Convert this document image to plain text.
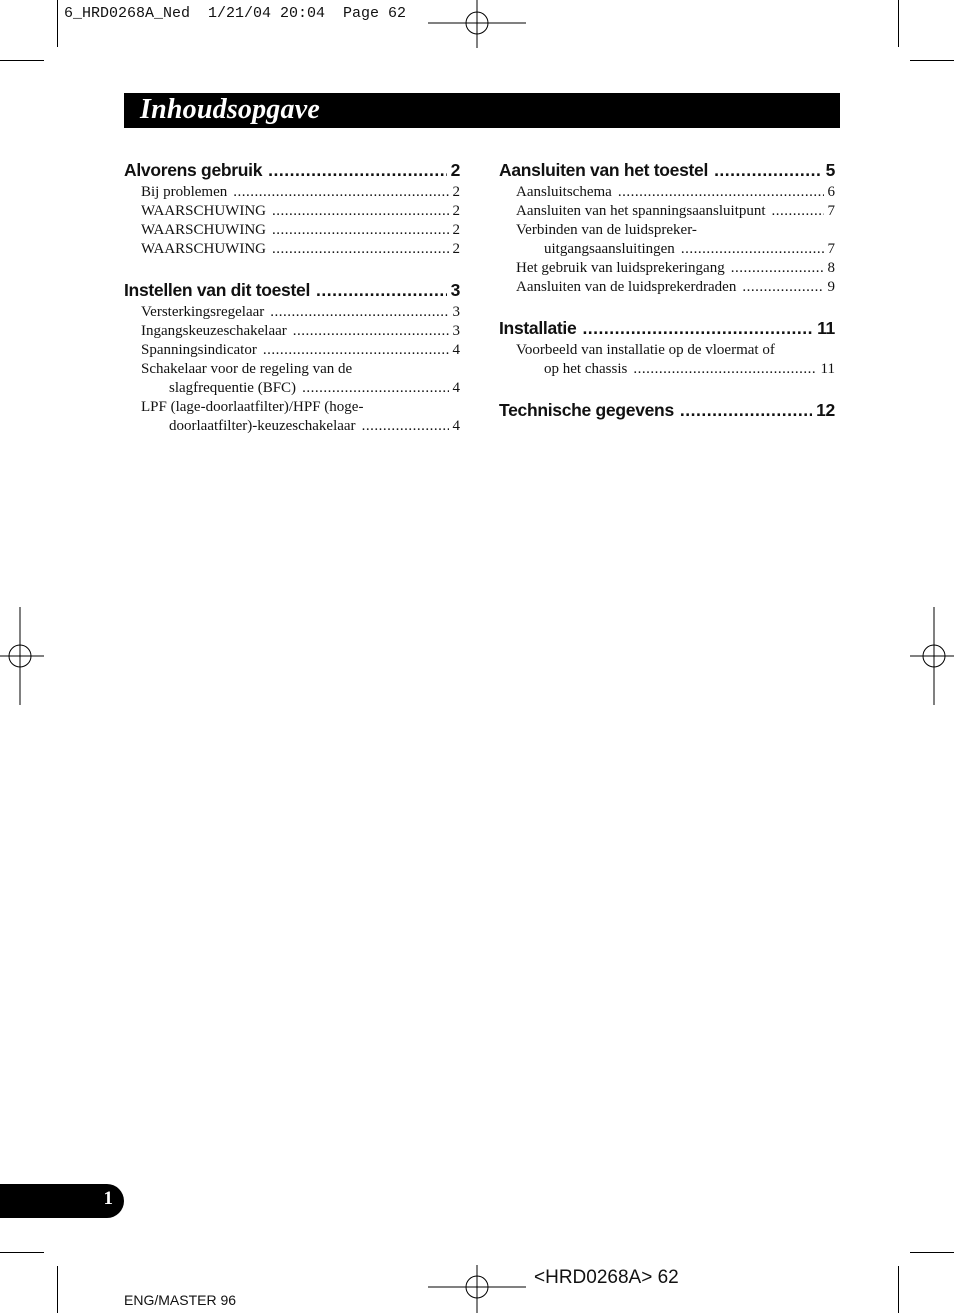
6_HRD0268A_Ned  1/21/04 20:04  Page 62
Inhoudsopgave
Alvorens gebruik .....	2
Bij problemen .....	2
WAARSCHUWING .....	2
WAARSCHUWING .....	2
WAARSCHUWING .....	2
Instellen van dit toestel .....	3
Versterkingsregelaar .....	3
Ingangskeuzeschakelaar .....	3
Spanningsindicator .....	4
Schakelaar voor de regeling van de
slagfrequentie (BFC) .....	4
LPF (lage-doorlaatfilter)/HPF (hoge-
doorlaatfilter)-keuzeschakelaar .....	4
Aansluiten van het toestel .....	5
Aansluitschema .....	6
Aansluiten van het spanningsaansluitpunt .....	7
Verbinden van de luidspreker-
uitgangsaansluitingen .....	7
Het gebruik van luidsprekeringang .....	8
Aansluiten van de luidsprekerdraden .....	9
Installatie .....	11
Voorbeeld van installatie op de vloermat of
op het chassis .....	11
Technische gegevens .....	12
1
<HRD0268A> 62
ENG/MASTER 96
